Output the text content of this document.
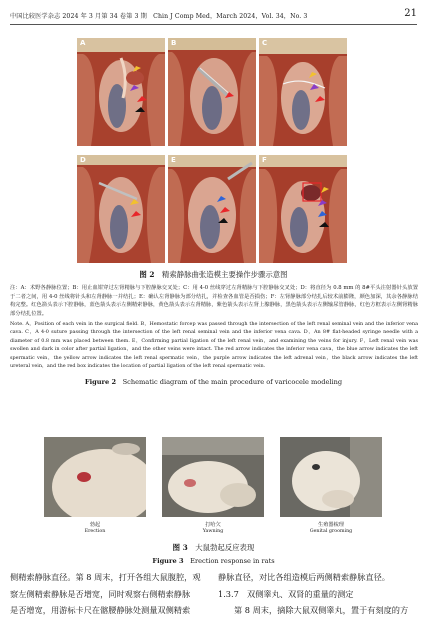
中国比较医学杂志 2024 年 3 月第 34 卷第 3 期　Chin J Comp Med，March 2024，Vol. 34，No. 3	21
A	B	C
D	E	F
图 2　 精索静脉曲张造模主要操作步骤示意图
注：A：术野各静脉位置；B：用止血钳穿过左肾精脉与下腔静脉交叉处；C：用 4-0 丝线穿过左肾精脉与下腔静脉交叉处；D：将直径为 0.8 mm 的 8#平头注射器针头放置于二者之间，用 4-0 丝线将针头和左肾静脉一并结扎；E：确认左肾静脉为部分结扎，并检查各血管是否损伤；F：左肾静脉部分结扎后较术前膨隆，颜色加深，其余各静脉结构完整。红色箭头表示下腔静脉，蓝色箭头表示左侧精索静脉，黄色箭头表示左肾精脉，紫色箭头表示左肾上腺静脉，黑色箭头表示左侧输尿管静脉，红色方框表示左侧肾精脉部分结扎位置。
Note. A，Position of each vein in the surgical field. B，Hemostatic forcep was passed through the intersection of the left renal seminal vein and the inferior vena cava. C，A 4-0 suture passing through the intersection of the left renal seminal vein and the inferior vena cava. D，An 8# flat-headed syringe needle with a diameter of 0.8 mm was placed between them. E，Confirming partial ligation of the left renal vein，and examining the veins for injury. F，Left renal vein was swollen and dark in color after partial ligation，and the other veins were intact. The red arrow indicates the inferior vena cava，the blue arrow indicates the left spermatic vein，the yellow arrow indicates the left renal spermatic vein，the purple arrow indicates the left adrenal vein，the black arrow indicates the left ureteral vein，and the red box indicates the location of partial ligation of the left renal spermatic vein.
Figure 2　 Schematic diagram of the main procedure of varicocele modeling
勃起
Erection
打哈欠
Yawning
生殖器梳理
Genital grooming
图 3　 大鼠勃起反应表现
Figure 3　 Erection response in rats

侧精索静脉直径。第 8 周末，打开各组大鼠腹腔，观

察左侧精索静脉是否增宽，同时观察右侧精索静脉

是否增宽，用游标卡尺在髂腰静脉处测量双侧精索

静脉直径，对比各组造模后两侧精索静脉直径。

1.3.7　双侧睾丸、双肾的重量的测定

第 8 周末，摘除大鼠双侧睾丸，置于有刻度的方
